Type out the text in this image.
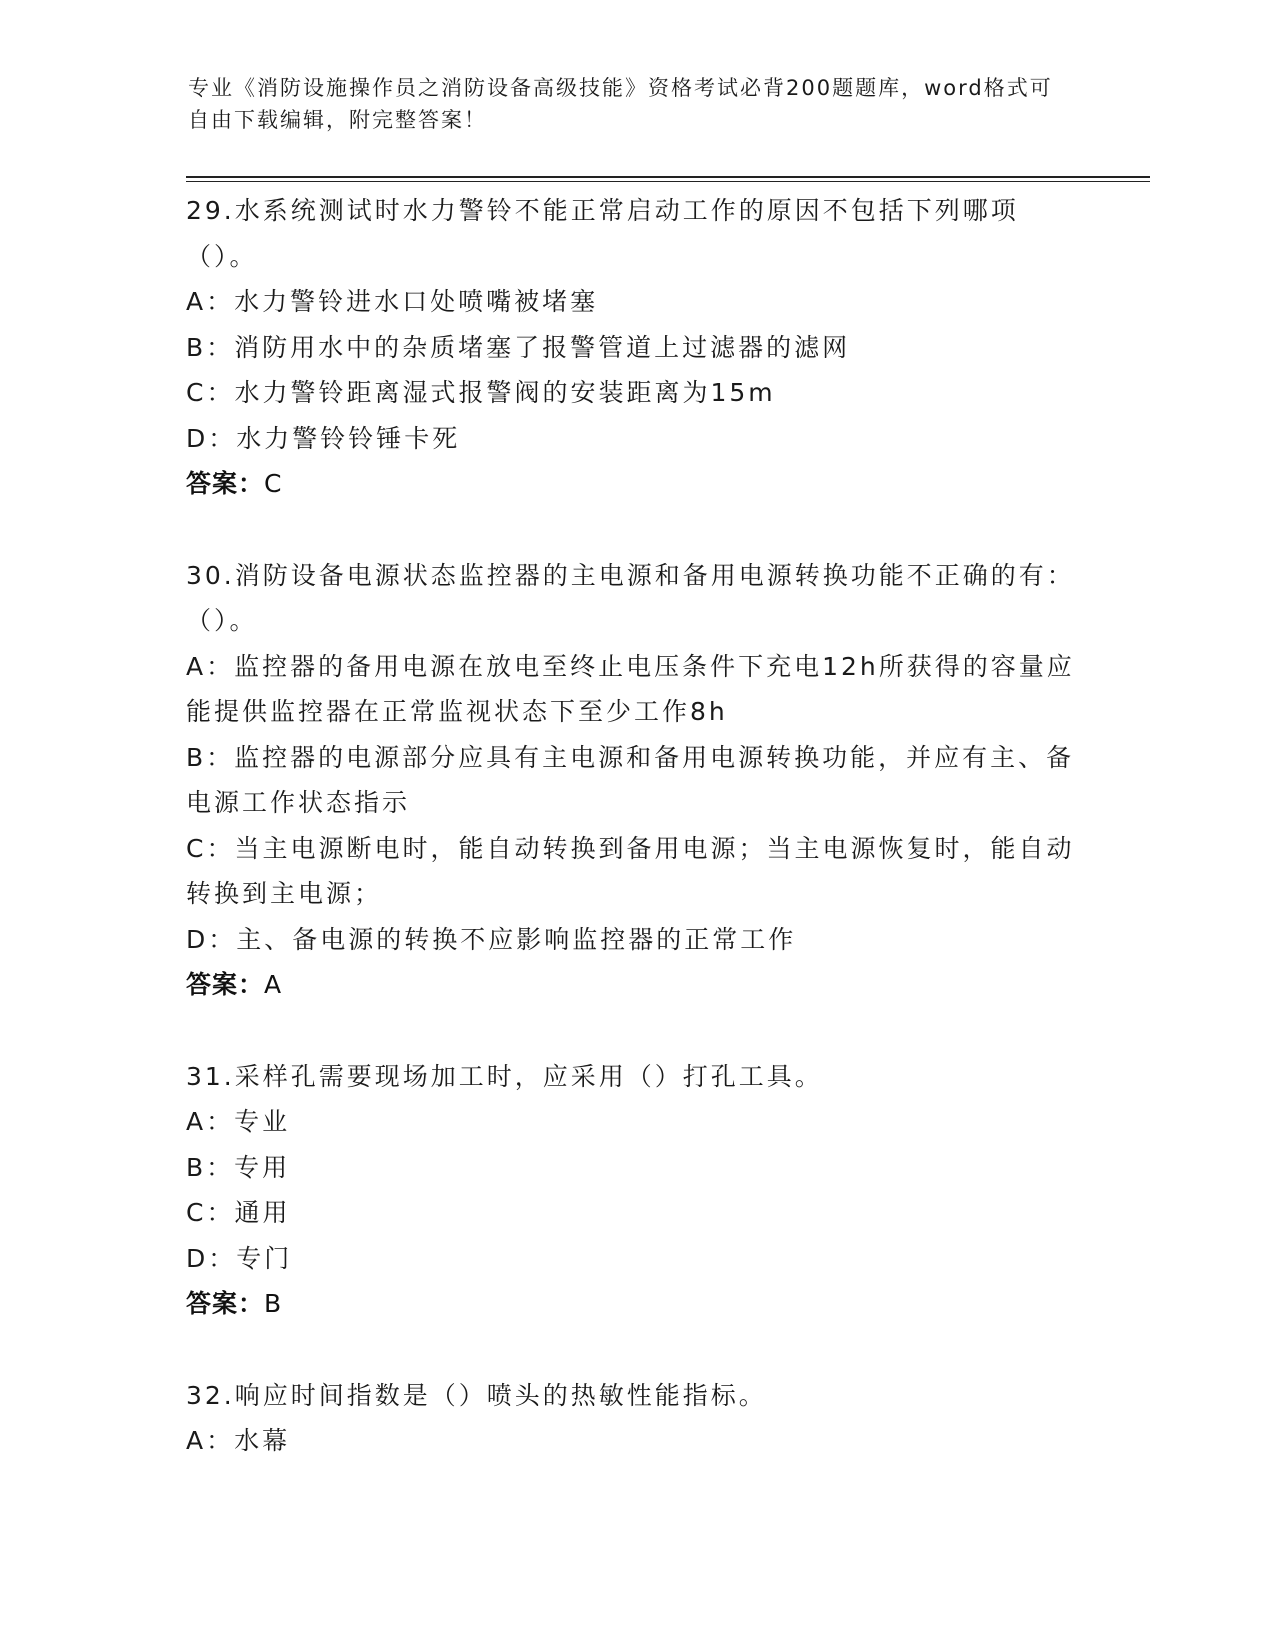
专业《消防设施操作员之消防设备高级技能》资格考试必背200题题库，word格式可自由下载编辑，附完整答案！
29.水系统测试时水力警铃不能正常启动工作的原因不包括下列哪项（）。
A：水力警铃进水口处喷嘴被堵塞
B：消防用水中的杂质堵塞了报警管道上过滤器的滤网
C：水力警铃距离湿式报警阀的安装距离为15m
D：水力警铃铃锤卡死
答案：C
30.消防设备电源状态监控器的主电源和备用电源转换功能不正确的有：（）。
A：监控器的备用电源在放电至终止电压条件下充电12h所获得的容量应能提供监控器在正常监视状态下至少工作8h
B：监控器的电源部分应具有主电源和备用电源转换功能，并应有主、备电源工作状态指示
C：当主电源断电时，能自动转换到备用电源；当主电源恢复时，能自动转换到主电源；
D：主、备电源的转换不应影响监控器的正常工作
答案：A
31.采样孔需要现场加工时，应采用（）打孔工具。
A：专业
B：专用
C：通用
D：专门
答案：B
32.响应时间指数是（）喷头的热敏性能指标。
A：水幕
